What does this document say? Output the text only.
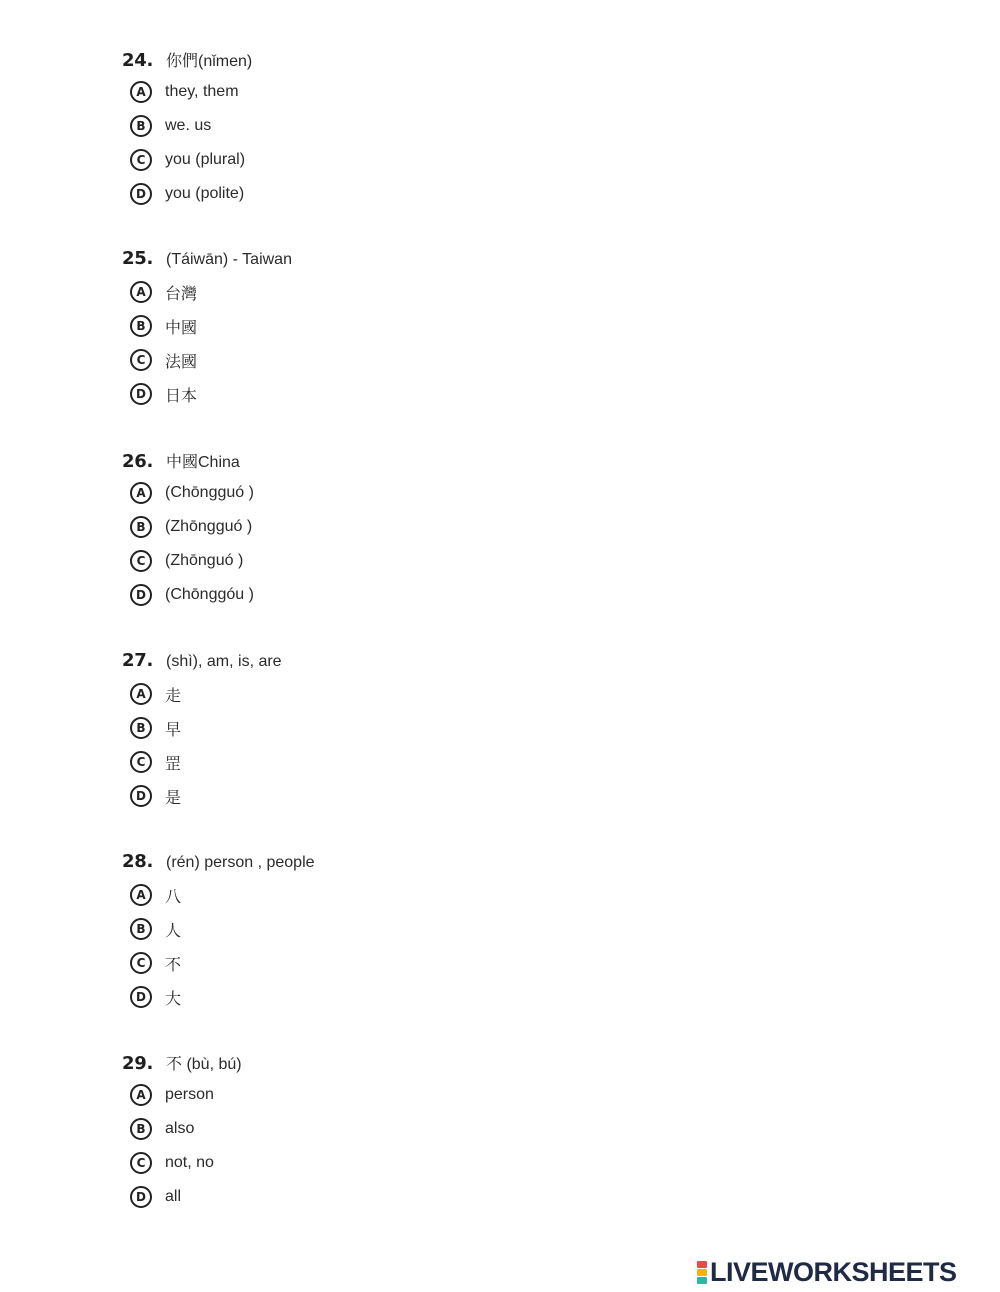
24. 你們(nǐmen)
A	they, them
B	we. us
C	you (plural)
D	you (polite)
25. (Táiwān) - Taiwan
A	台灣
B	中國
C	法國
D	日本
26. 中國China
A	(Chōngguó )
B	(Zhōngguó )
C	(Zhōnguó )
D	(Chōnggóu )
27. (shì), am, is, are
A	走
B	早
C	罡
D	是
28. (rén) person , people
A	八
B	人
C	不
D	大
29. 不 (bù, bú)
A	person
B	also
C	not, no
D	all
LIVEWORKSHEETS
